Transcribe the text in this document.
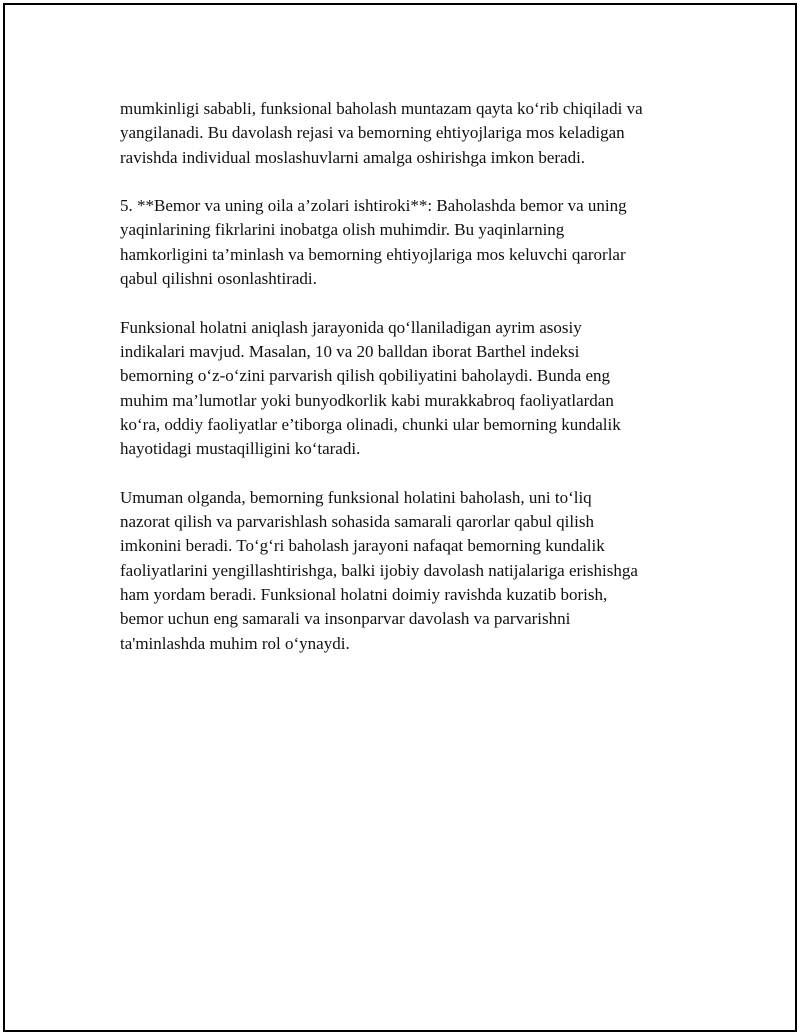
mumkinligi sababli, funksional baholash muntazam qayta ko‘rib chiqiladi va
yangilanadi. Bu davolash rejasi va bemorning ehtiyojlariga mos keladigan
ravishda individual moslashuvlarni amalga oshirishga imkon beradi.
5. **Bemor va uning oila a’zolari ishtiroki**: Baholashda bemor va uning
yaqinlarining fikrlarini inobatga olish muhimdir. Bu yaqinlarning
hamkorligini ta’minlash va bemorning ehtiyojlariga mos keluvchi qarorlar
qabul qilishni osonlashtiradi.
Funksional holatni aniqlash jarayonida qo‘llaniladigan ayrim asosiy
indikalari mavjud. Masalan, 10 va 20 balldan iborat Barthel indeksi
bemorning o‘z-o‘zini parvarish qilish qobiliyatini baholaydi. Bunda eng
muhim ma’lumotlar yoki bunyodkorlik kabi murakkabroq faoliyatlardan
ko‘ra, oddiy faoliyatlar e’tiborga olinadi, chunki ular bemorning kundalik
hayotidagi mustaqilligini ko‘taradi.
Umuman olganda, bemorning funksional holatini baholash, uni to‘liq
nazorat qilish va parvarishlash sohasida samarali qarorlar qabul qilish
imkonini beradi. To‘g‘ri baholash jarayoni nafaqat bemorning kundalik
faoliyatlarini yengillashtirishga, balki ijobiy davolash natijalariga erishishga
ham yordam beradi. Funksional holatni doimiy ravishda kuzatib borish,
bemor uchun eng samarali va insonparvar davolash va parvarishni
ta'minlashda muhim rol o‘ynaydi.
